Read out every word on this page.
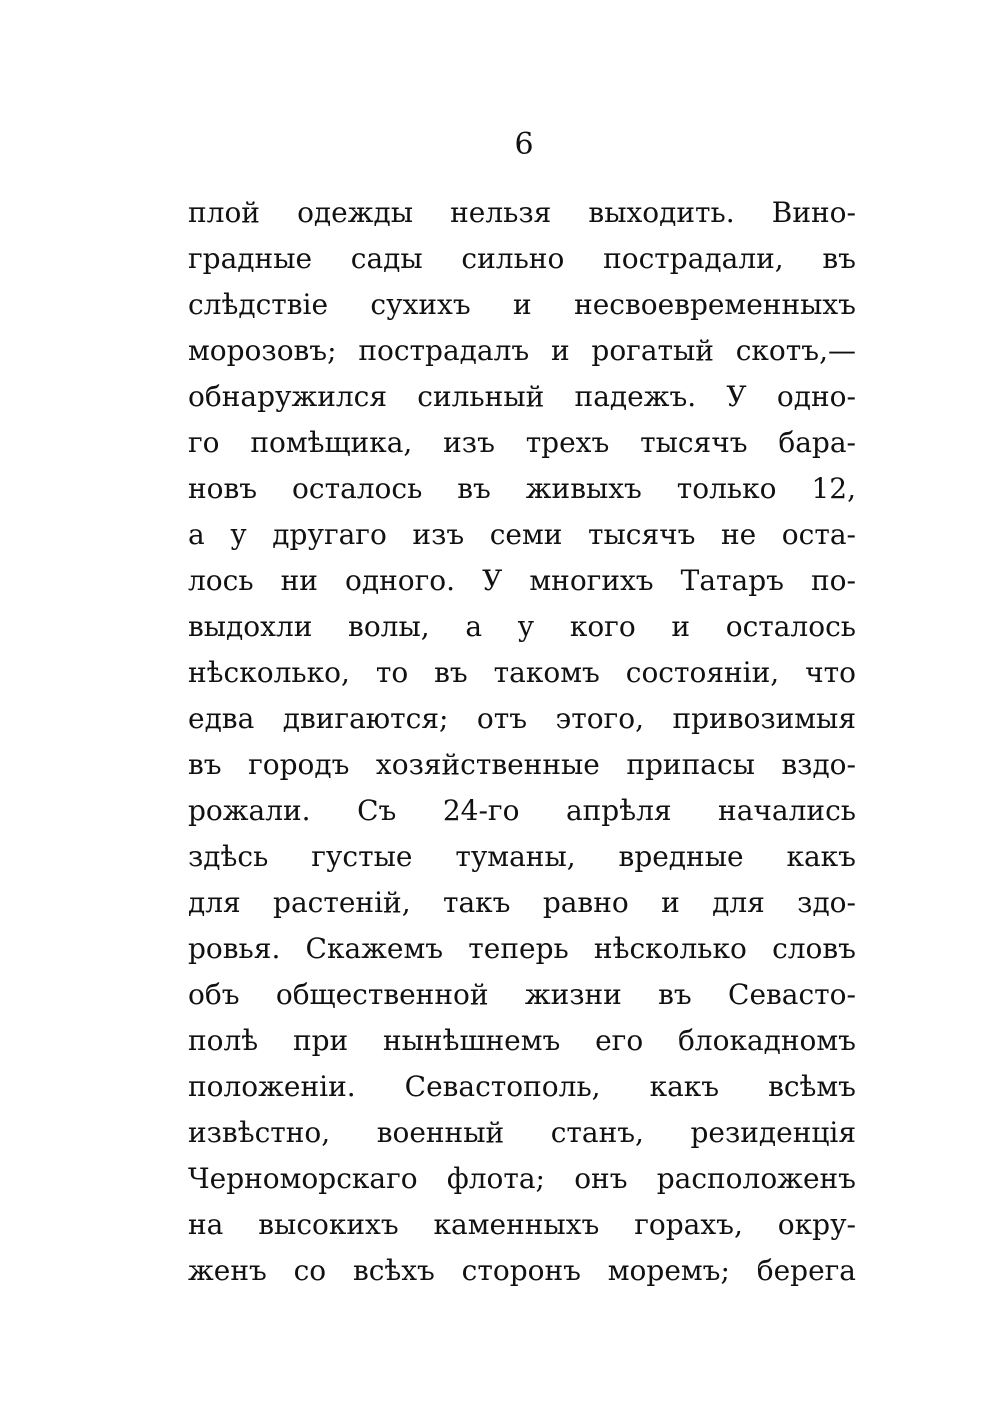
6
плой одежды нельзя выходить. Вино-
градные сады сильно пострадали, въ
слѣдствіе сухихъ и несвоевременныхъ
морозовъ; пострадалъ и рогатый скотъ,—
обнаружился сильный падежъ. У одно-
го помѣщика, изъ трехъ тысячъ бара-
новъ осталось въ живыхъ только 12,
а у другаго изъ семи тысячъ не оста-
лось ни одного. У многихъ Татаръ по-
выдохли волы, а у кого и осталось
нѣсколько, то въ такомъ состояніи, что
едва двигаются; отъ этого, привозимыя
въ городъ хозяйственные припасы вздо-
рожали. Съ 24-го апрѣля начались
здѣсь густые туманы, вредные какъ
для растеній, такъ равно и для здо-
ровья. Скажемъ теперь нѣсколько словъ
объ общественной жизни въ Севасто-
полѣ при нынѣшнемъ его блокадномъ
положеніи. Севастополь, какъ всѣмъ
извѣстно, военный станъ, резиденція
Черноморскаго флота; онъ расположенъ
на высокихъ каменныхъ горахъ, окру-
женъ со всѣхъ сторонъ моремъ; берега
